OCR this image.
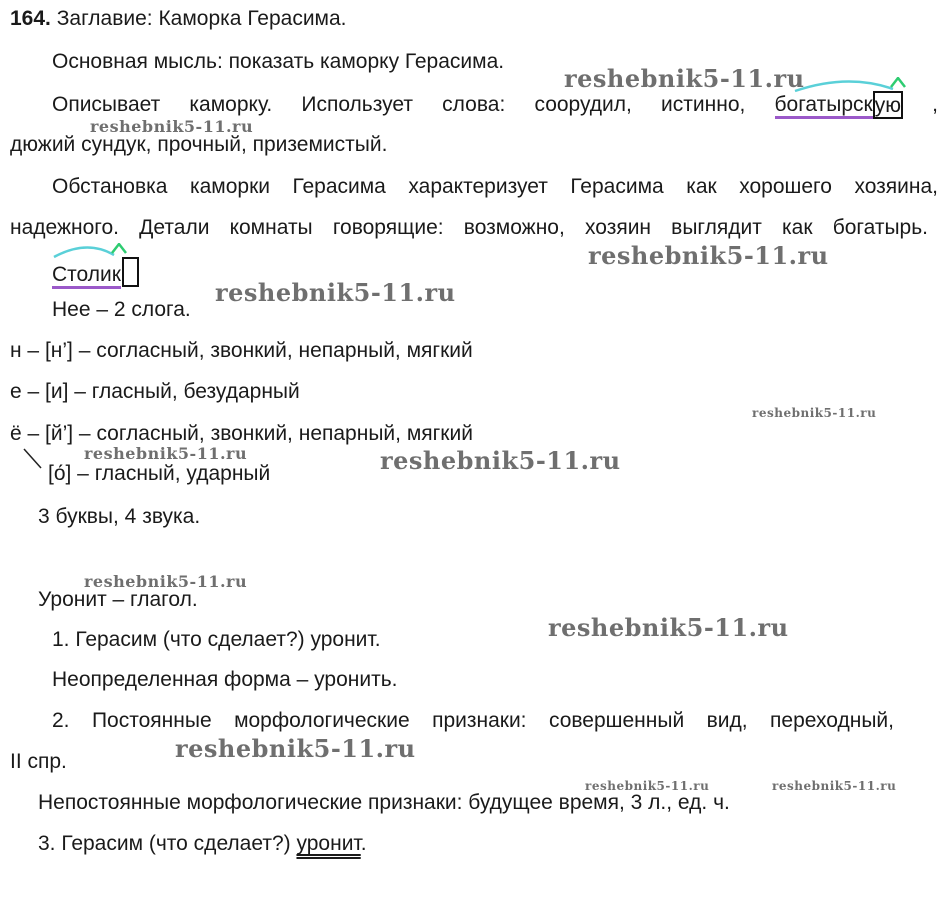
164. Заглавие: Каморка Герасима.
Основная мысль: показать каморку Герасима.
Описывает каморку. Использует слова: соорудил, истинно, богатырскую ,
дюжий сундук, прочный, приземистый.
Обстановка каморки Герасима характеризует Герасима как хорошего хозяина,
надежного. Детали комнаты говорящие: возможно, хозяин выглядит как богатырь.
Столик
Нее – 2 слога.
н – [н’] – согласный, звонкий, непарный, мягкий
е – [и] – гласный, безударный
ё – [й’] – согласный, звонкий, непарный, мягкий
[о́] – гласный, ударный
3 буквы, 4 звука.
Уронит – глагол.
1. Герасим (что сделает?) уронит.
Неопределенная форма – уронить.
2. Постоянные морфологические признаки: совершенный вид, переходный,
II спр.
Непостоянные морфологические признаки: будущее время, 3 л., ед. ч.
3. Герасим (что сделает?) уронит.
reshebnik5-11.ru
reshebnik5-11.ru
reshebnik5-11.ru
reshebnik5-11.ru
reshebnik5-11.ru
reshebnik5-11.ru	reshebnik5-11.ru
reshebnik5-11.ru
reshebnik5-11.ru
reshebnik5-11.ru
reshebnik5-11.ru	reshebnik5-11.ru
